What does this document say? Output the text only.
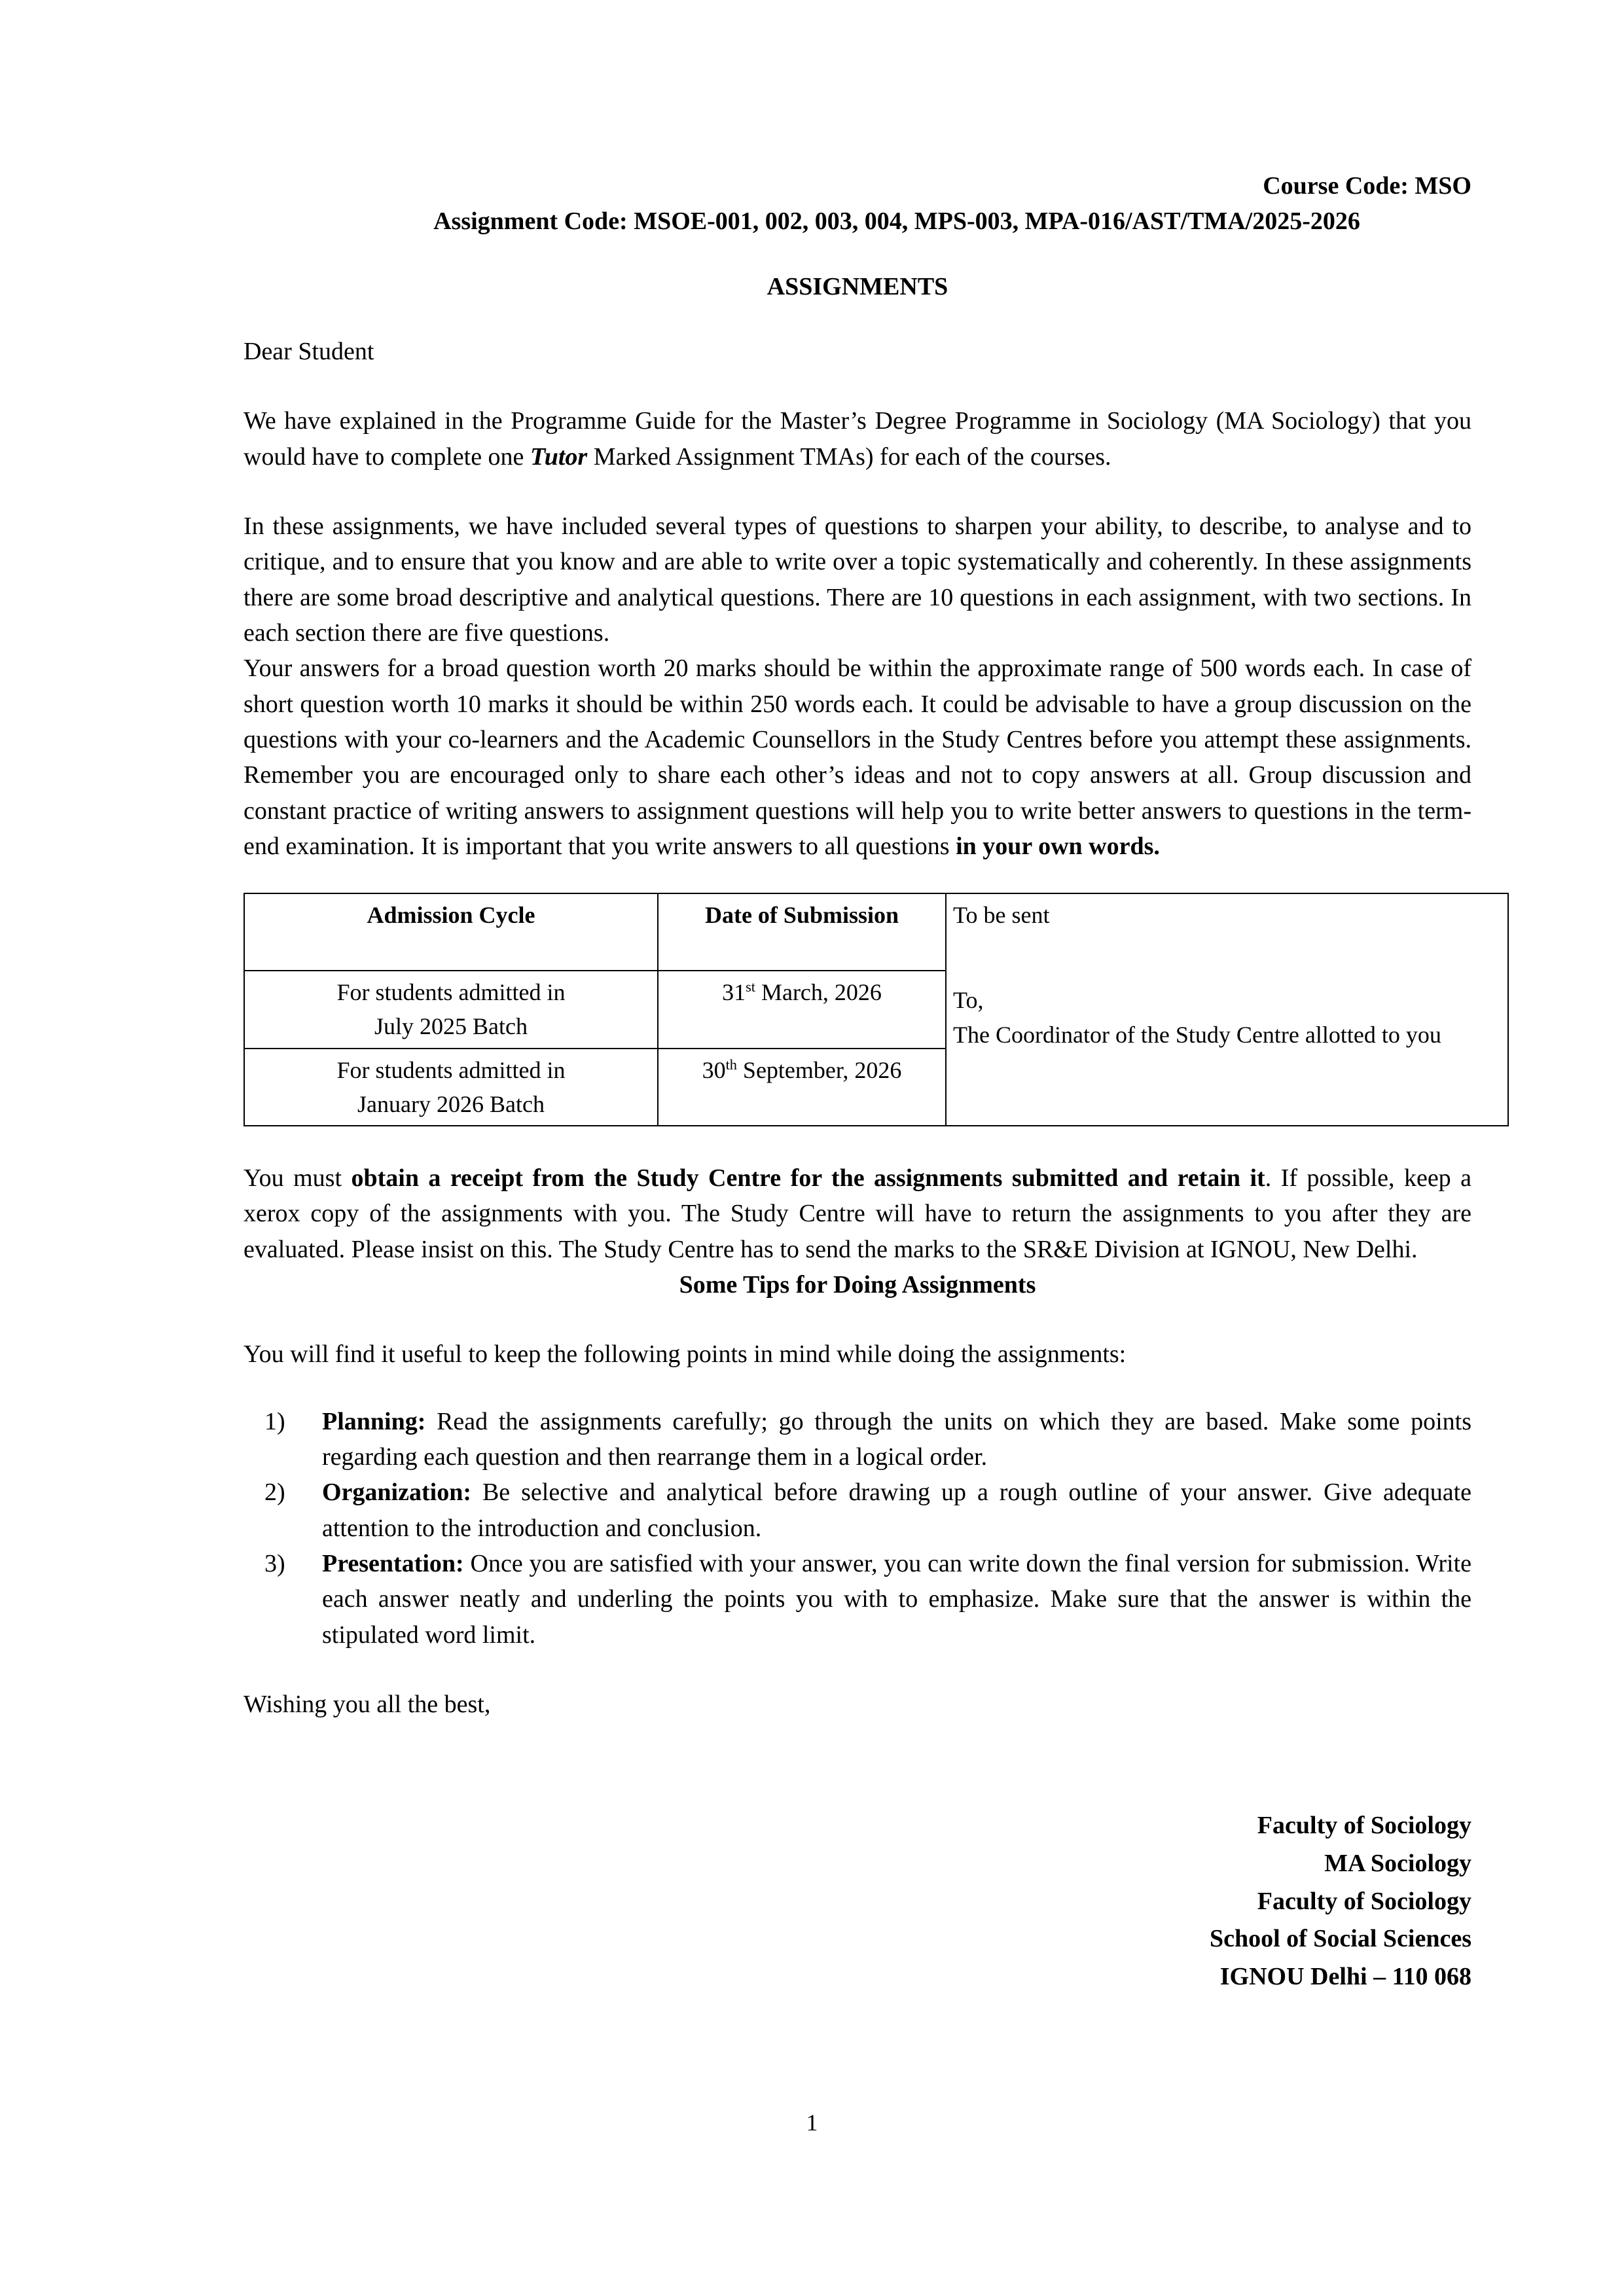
Course Code: MSO
Assignment Code: MSOE-001, 002, 003, 004, MPS-003, MPA-016/AST/TMA/2025-2026
ASSIGNMENTS
Dear Student

We have explained in the Programme Guide for the Master’s Degree Programme in Sociology (MA Sociology) that you would have to complete one Tutor Marked Assignment TMAs) for each of the courses.

In these assignments, we have included several types of questions to sharpen your ability, to describe, to analyse and to critique, and to ensure that you know and are able to write over a topic systematically and coherently. In these assignments there are some broad descriptive and analytical questions. There are 10 questions in each assignment, with two sections. In each section there are five questions.

Your answers for a broad question worth 20 marks should be within the approximate range of 500 words each. In case of short question worth 10 marks it should be within 250 words each. It could be advisable to have a group discussion on the questions with your co-learners and the Academic Counsellors in the Study Centres before you attempt these assignments. Remember you are encouraged only to share each other’s ideas and not to copy answers at all. Group discussion and constant practice of writing answers to assignment questions will help you to write better answers to questions in the term-end examination. It is important that you write answers to all questions in your own words.

Admission Cycle	Date of Submission	To be sent
To,
The Coordinator of the Study Centre allotted to you

For students admitted in
July 2025 Batch	31st March, 2026	

For students admitted in
January 2026 Batch	30th September, 2026	

You must obtain a receipt from the Study Centre for the assignments submitted and retain it. If possible, keep a xerox copy of the assignments with you. The Study Centre will have to return the assignments to you after they are evaluated. Please insist on this. The Study Centre has to send the marks to the SR&E Division at IGNOU, New Delhi.

Some Tips for Doing Assignments

You will find it useful to keep the following points in mind while doing the assignments:

1)	Planning: Read the assignments carefully; go through the units on which they are based. Make some points regarding each question and then rearrange them in a logical order.
2)	Organization: Be selective and analytical before drawing up a rough outline of your answer. Give adequate attention to the introduction and conclusion.
3)	Presentation: Once you are satisfied with your answer, you can write down the final version for submission. Write each answer neatly and underling the points you with to emphasize. Make sure that the answer is within the stipulated word limit.

Wishing you all the best,

Faculty of Sociology
MA Sociology
Faculty of Sociology
School of Social Sciences
IGNOU Delhi – 110 068
1
